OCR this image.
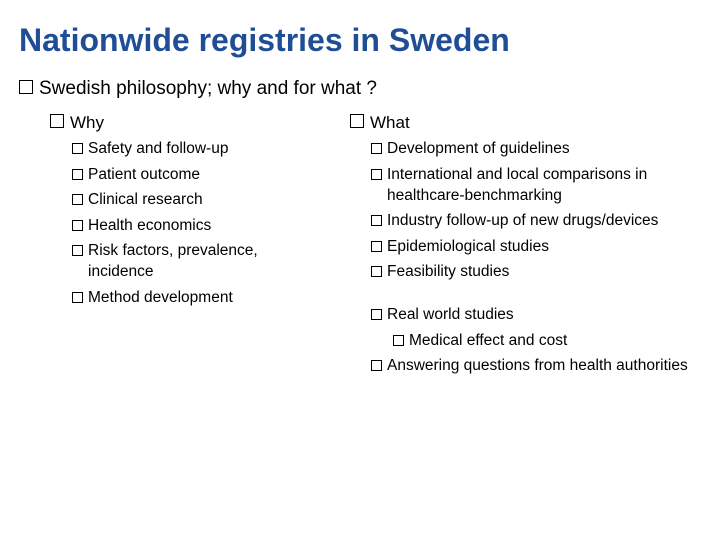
Nationwide registries in Sweden
Swedish philosophy; why and for what ?
Why
Safety and follow-up
Patient outcome
Clinical research
Health economics
Risk factors, prevalence, incidence
Method development
What
Development of guidelines
International and local comparisons in healthcare-benchmarking
Industry follow-up of new drugs/devices
Epidemiological studies
Feasibility studies
Real world studies
Medical effect and cost
Answering questions from health authorities
